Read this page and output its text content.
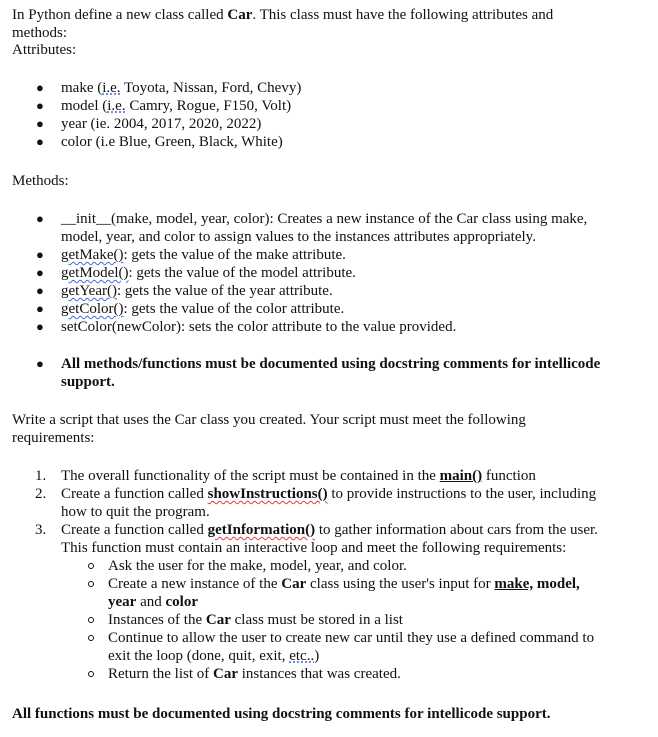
In Python define a new class called Car. This class must have the following attributes and
methods:
Attributes:
● make (i.e. Toyota, Nissan, Ford, Chevy)
● model (i.e. Camry, Rogue, F150, Volt)
● year (ie. 2004, 2017, 2020, 2022)
● color (i.e Blue, Green, Black, White)
Methods:
● __init__(make, model, year, color): Creates a new instance of the Car class using make,
model, year, and color to assign values to the instances attributes appropriately.
● getMake(): gets the value of the make attribute.
● getModel(): gets the value of the model attribute.
● getYear(): gets the value of the year attribute.
● getColor(): gets the value of the color attribute.
● setColor(newColor): sets the color attribute to the value provided.
● All methods/functions must be documented using docstring comments for intellicode
support.
Write a script that uses the Car class you created. Your script must meet the following
requirements:
1. The overall functionality of the script must be contained in the main() function
2. Create a function called showInstructions() to provide instructions to the user, including
how to quit the program.
3. Create a function called getInformation() to gather information about cars from the user.
This function must contain an interactive loop and meet the following requirements:
Ask the user for the make, model, year, and color.
Create a new instance of the Car class using the user's input for make, model,
year and color
Instances of the Car class must be stored in a list
Continue to allow the user to create new car until they use a defined command to
exit the loop (done, quit, exit, etc..)
Return the list of Car instances that was created.
All functions must be documented using docstring comments for intellicode support.
